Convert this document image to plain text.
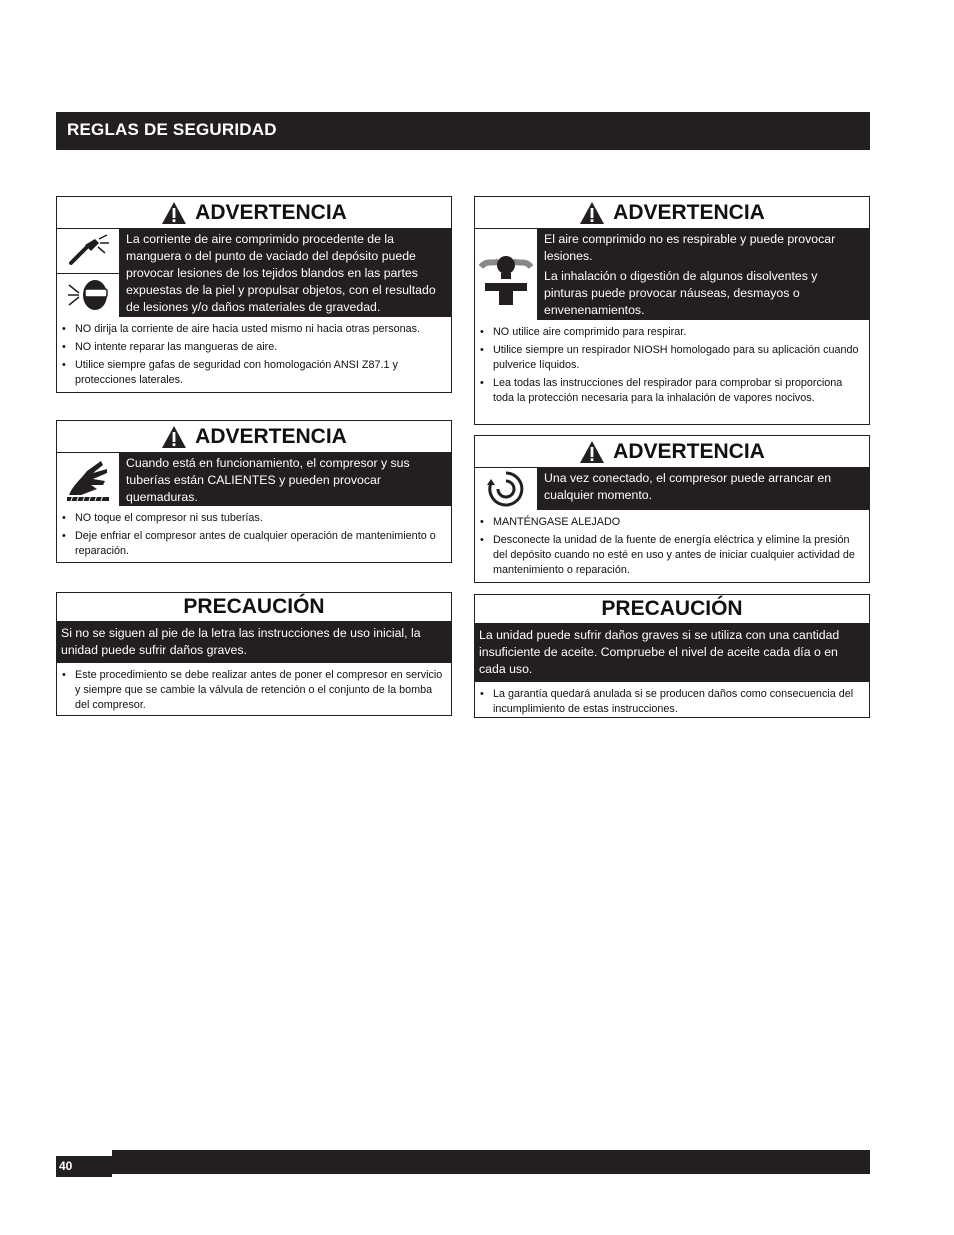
REGLAS DE SEGURIDAD
ADVERTENCIA

La corriente de aire comprimido procedente de la manguera o del punto de vaciado del depósito puede provocar lesiones de los tejidos blandos en las partes expuestas de la piel y propulsar objetos, con el resultado de lesiones y/o daños materiales de gravedad.

• NO dirija la corriente de aire hacia usted mismo ni hacia otras personas.
• NO intente reparar las mangueras de aire.
• Utilice siempre gafas de seguridad con homologación ANSI Z87.1 y protecciones laterales.
ADVERTENCIA

Cuando está en funcionamiento, el compresor y sus tuberías están CALIENTES y pueden provocar quemaduras.

• NO toque el compresor ni sus tuberías.
• Deje enfriar el compresor antes de cualquier operación de mantenimiento o reparación.
PRECAUCIÓN
Si no se siguen al pie de la letra las instrucciones de uso inicial, la unidad puede sufrir daños graves.
• Este procedimiento se debe realizar antes de poner el compresor en servicio y siempre que se cambie la válvula de retención o el conjunto de la bomba del compresor.
ADVERTENCIA

El aire comprimido no es respirable y puede provocar lesiones.

La inhalación o digestión de algunos disolventes y pinturas puede provocar náuseas, desmayos o envenenamientos.

• NO utilice aire comprimido para respirar.
• Utilice siempre un respirador NIOSH homologado para su aplicación cuando pulverice líquidos.
• Lea todas las instrucciones del respirador para comprobar si proporciona toda la protección necesaria para la inhalación de vapores nocivos.
ADVERTENCIA

Una vez conectado, el compresor puede arrancar en cualquier momento.

• MANTÉNGASE ALEJADO
• Desconecte la unidad de la fuente de energía eléctrica y elimine la presión del depósito cuando no esté en uso y antes de iniciar cualquier actividad de mantenimiento o reparación.
PRECAUCIÓN
La unidad puede sufrir daños graves si se utiliza con una cantidad insuficiente de aceite. Compruebe el nivel de aceite cada día o en cada uso.
• La garantía quedará anulada si se producen daños como consecuencia del incumplimiento de estas instrucciones.
40
